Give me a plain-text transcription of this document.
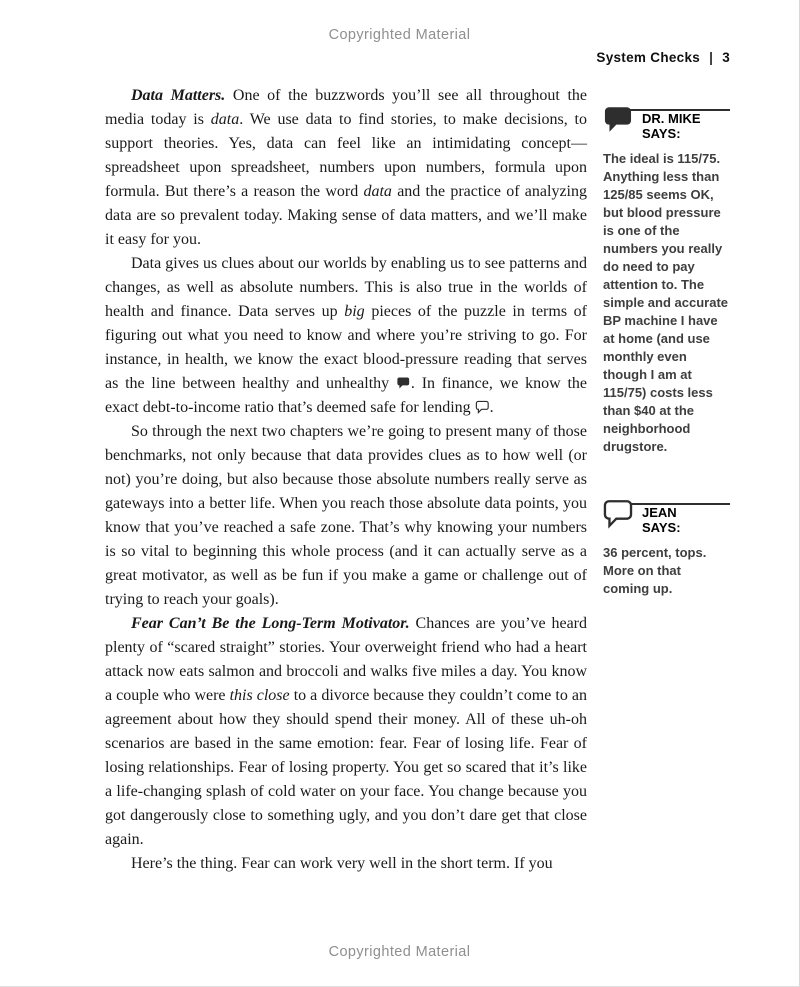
Copyrighted Material
System Checks | 3

Data Matters. One of the buzzwords you’ll see all throughout the media today is data. We use data to find stories, to make decisions, to support theories. Yes, data can feel like an intimidating concept—spreadsheet upon spreadsheet, numbers upon numbers, formula upon formula. But there’s a reason the word data and the practice of analyzing data are so prevalent today. Making sense of data matters, and we’ll make it easy for you.

Data gives us clues about our worlds by enabling us to see patterns and changes, as well as absolute numbers. This is also true in the worlds of health and finance. Data serves up big pieces of the puzzle in terms of figuring out what you need to know and where you’re striving to go. For instance, in health, we know the exact blood-pressure reading that serves as the line between healthy and unhealthy
. In finance, we know the exact debt-to-income ratio that’s deemed safe for lending
.

So through the next two chapters we’re going to present many of those benchmarks, not only because that data provides clues as to how well (or not) you’re doing, but also because those absolute numbers really serve as gateways into a better life. When you reach those absolute data points, you know that you’ve reached a safe zone. That’s why knowing your numbers is so vital to beginning this whole process (and it can actually serve as a great motivator, as well as be fun if you make a game or challenge out of trying to reach your goals).

Fear Can’t Be the Long-Term Motivator. Chances are you’ve heard plenty of “scared straight” stories. Your overweight friend who had a heart attack now eats salmon and broccoli and walks five miles a day. You know a couple who were this close to a divorce because they couldn’t come to an agreement about how they should spend their money. All of these uh-oh scenarios are based in the same emotion: fear. Fear of losing life. Fear of losing relationships. Fear of losing property. You get so scared that it’s like a life-changing splash of cold water on your face. You change because you got dangerously close to something ugly, and you don’t dare get that close again.

Here’s the thing. Fear can work very well in the short term. If you

DR. MIKE SAYS:
The ideal is 115/75. Anything less than 125/85 seems OK, but blood pressure is one of the numbers you really do need to pay attention to. The simple and accurate BP machine I have at home (and use monthly even though I am at 115/75) costs less than $40 at the neighborhood drugstore.
JEAN SAYS:
36 percent, tops. More on that coming up.
Copyrighted Material
